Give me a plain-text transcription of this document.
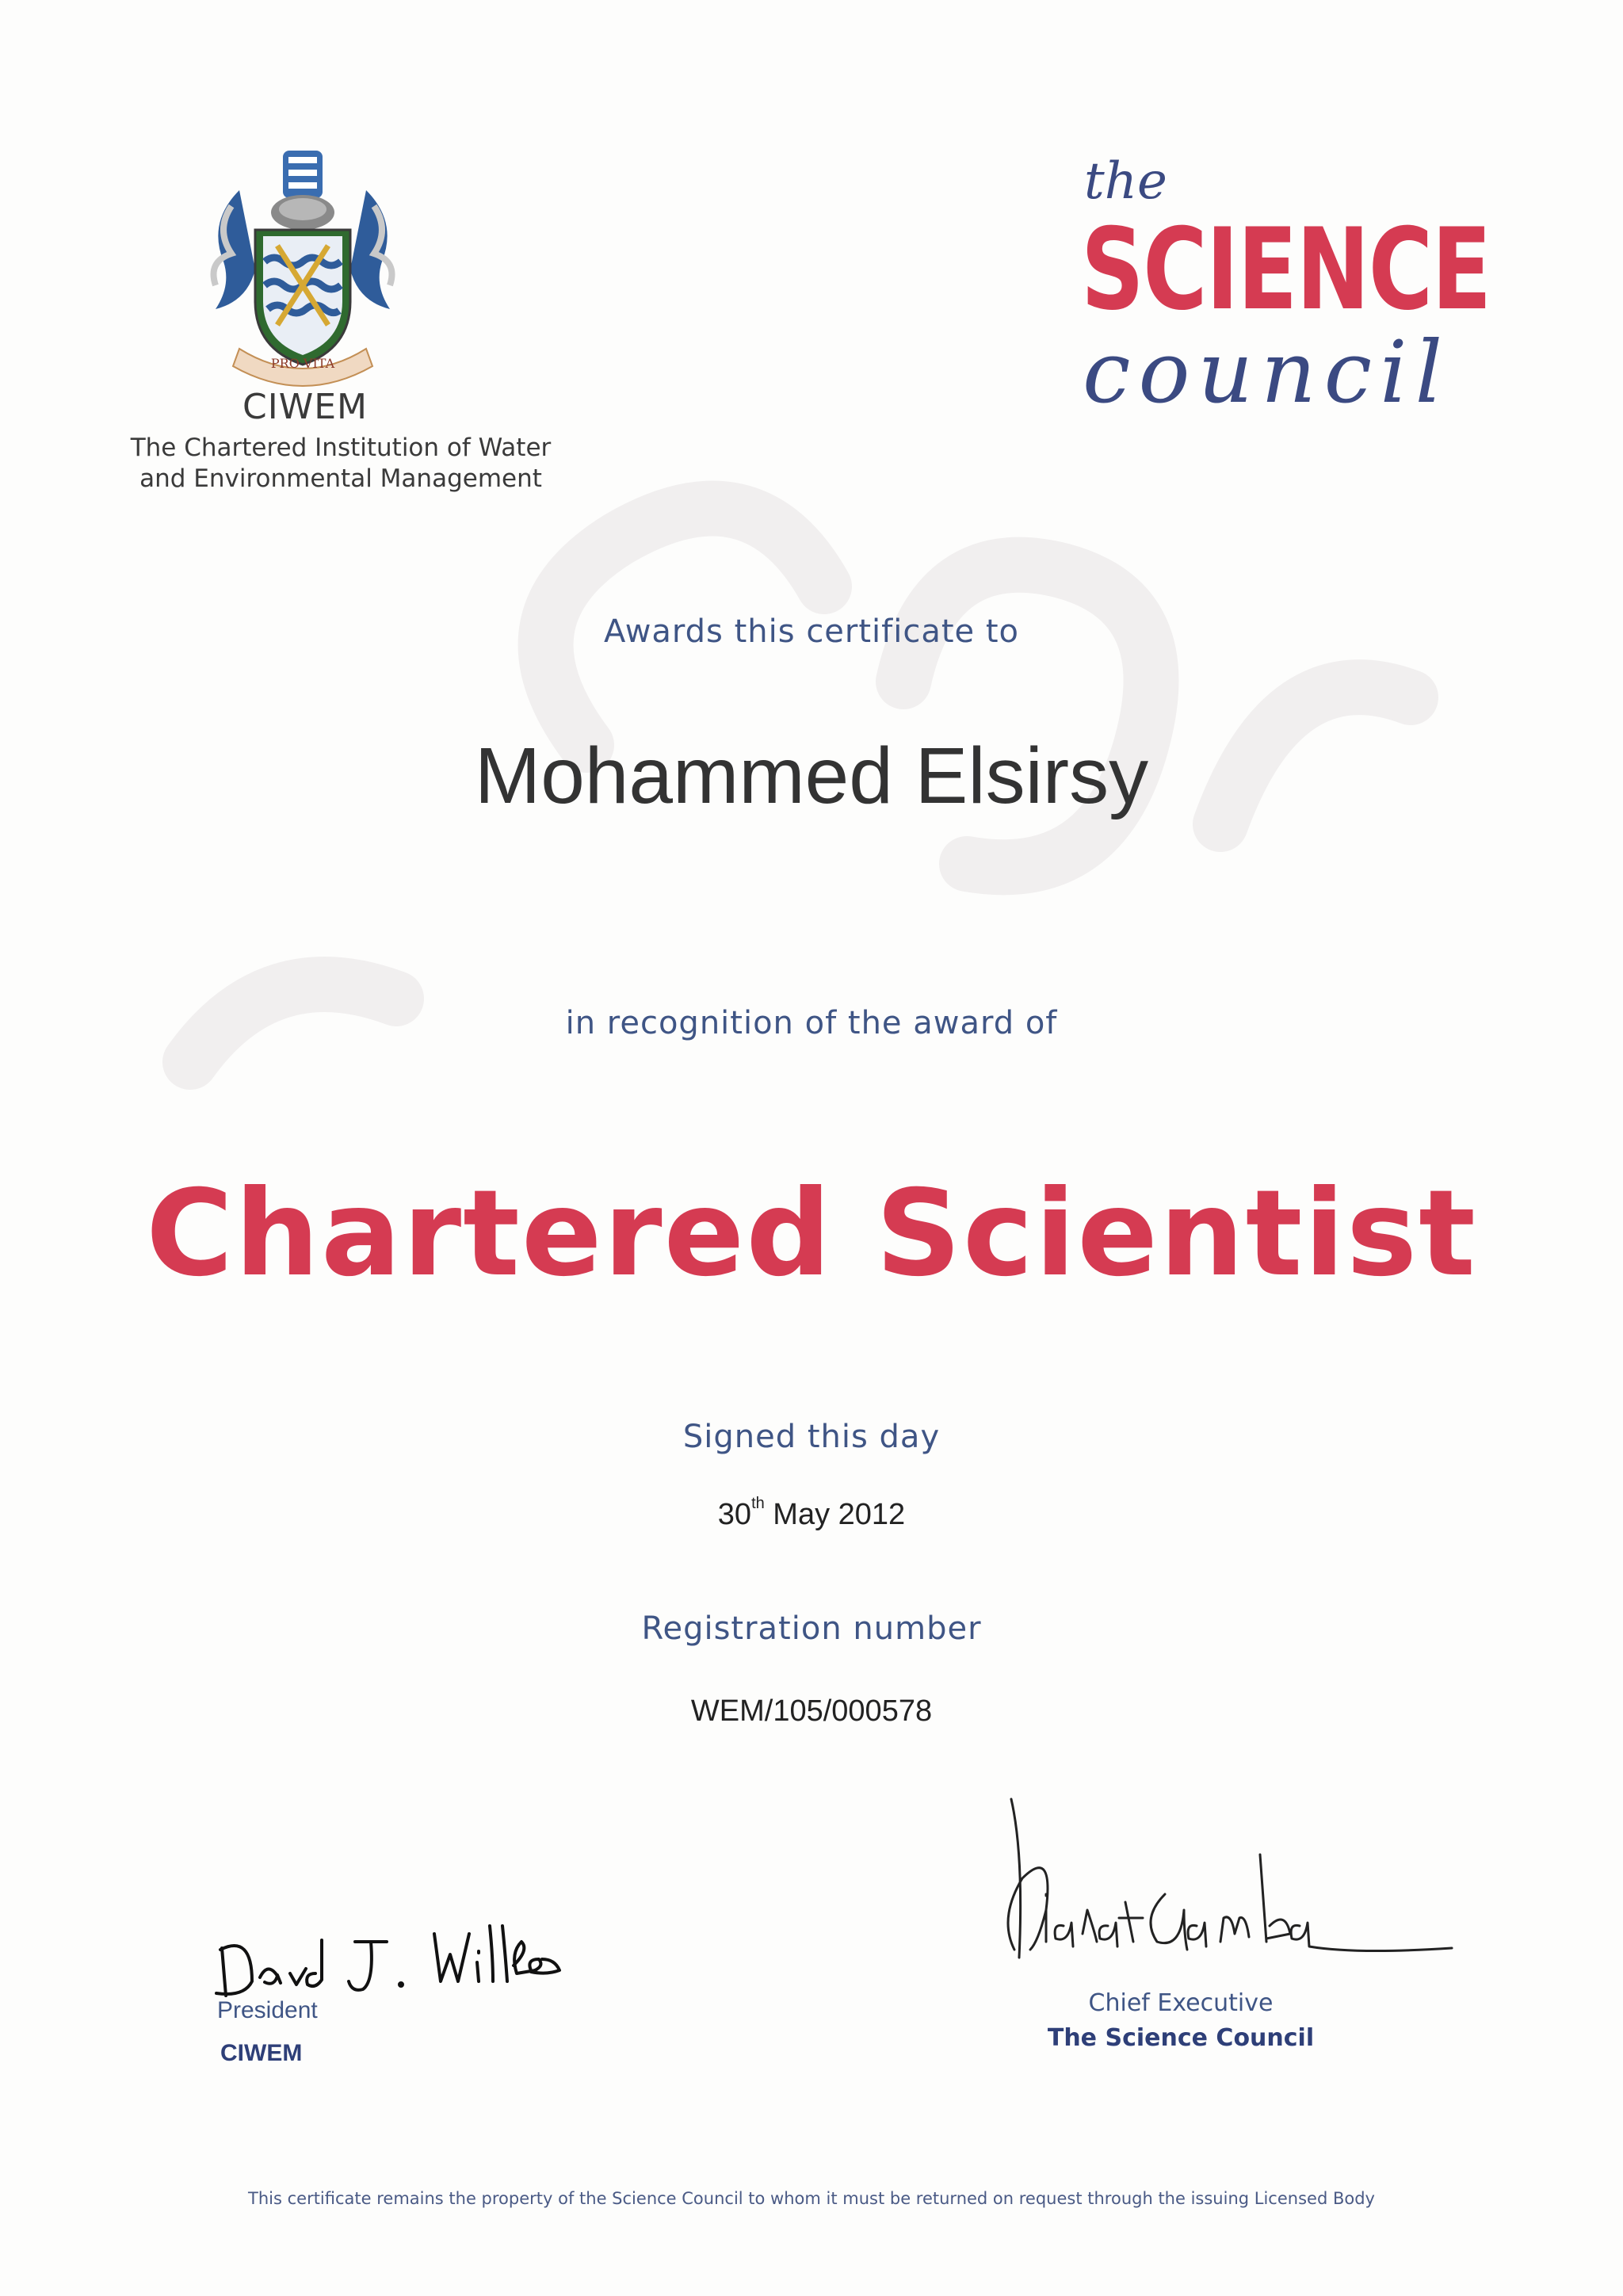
PRO VITA
CIWEM
The Chartered Institution of Water
and Environmental Management
the
SCIENCE
council
Awards this certificate to
Mohammed Elsirsy
in recognition of the award of
Chartered Scientist
Signed this day
30th May 2012
Registration number
WEM/105/000578
David J. Wilkes
President
CIWEM
Chief Executive
The Science Council
This certificate remains the property of the Science Council to whom it must be returned on request through the issuing Licensed Body
